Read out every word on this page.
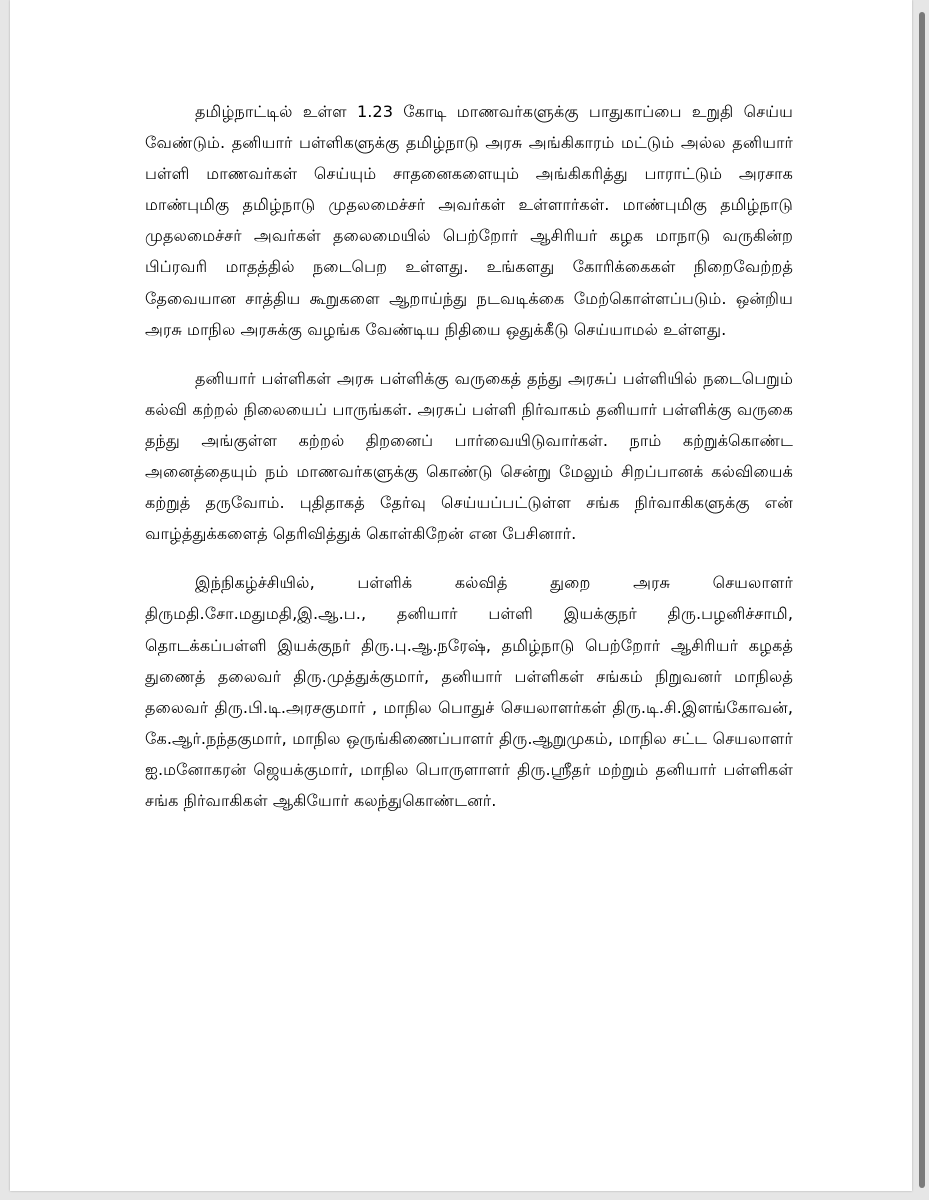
தமிழ்நாட்டில் உள்ள 1.23 கோடி மாணவர்களுக்கு பாதுகாப்பை உறுதி செய்ய வேண்டும். தனியார் பள்ளிகளுக்கு தமிழ்நாடு அரசு அங்கிகாரம் மட்டும் அல்ல தனியார் பள்ளி மாணவர்கள் செய்யும் சாதனைகளையும் அங்கிகரித்து பாராட்டும் அரசாக மாண்புமிகு தமிழ்நாடு முதலமைச்சர் அவர்கள் உள்ளார்கள். மாண்புமிகு தமிழ்நாடு முதலமைச்சர் அவர்கள் தலைமையில் பெற்றோர் ஆசிரியர் கழக மாநாடு வருகின்ற பிப்ரவரி மாதத்தில் நடைபெற உள்ளது. உங்களது கோரிக்கைகள் நிறைவேற்றத் தேவையான சாத்திய கூறுகளை ஆறாய்ந்து நடவடிக்கை மேற்கொள்ளப்படும். ஒன்றிய அரசு மாநில அரசுக்கு வழங்க வேண்டிய நிதியை ஒதுக்கீடு செய்யாமல் உள்ளது.

தனியார் பள்ளிகள் அரசு பள்ளிக்கு வருகைத் தந்து அரசுப் பள்ளியில் நடைபெறும் கல்வி கற்றல் நிலையைப் பாருங்கள். அரசுப் பள்ளி நிர்வாகம் தனியார் பள்ளிக்கு வருகை தந்து அங்குள்ள கற்றல் திறனைப் பார்வையிடுவார்கள். நாம் கற்றுக்கொண்ட அனைத்தையும் நம் மாணவர்களுக்கு கொண்டு சென்று மேலும் சிறப்பானக் கல்வியைக் கற்றுத் தருவோம். புதிதாகத் தேர்வு செய்யப்பட்டுள்ள சங்க நிர்வாகிகளுக்கு என் வாழ்த்துக்களைத் தெரிவித்துக் கொள்கிறேன் என பேசினார்.

இந்நிகழ்ச்சியில், பள்ளிக் கல்வித் துறை அரசு செயலாளர் திருமதி.சோ.மதுமதி,இ.ஆ.ப., தனியார் பள்ளி இயக்குநர் திரு.பழனிச்சாமி, தொடக்கப்பள்ளி இயக்குநர் திரு.பு.ஆ.நரேஷ், தமிழ்நாடு பெற்றோர் ஆசிரியர் கழகத் துணைத் தலைவர் திரு.முத்துக்குமார், தனியார் பள்ளிகள் சங்கம் நிறுவனர் மாநிலத் தலைவர் திரு.பி.டி.அரசகுமார் , மாநில பொதுச் செயலாளர்கள் திரு.டி.சி.இளங்கோவன், கே.ஆர்.நந்தகுமார், மாநில ஒருங்கிணைப்பாளர் திரு.ஆறுமுகம், மாநில சட்ட செயலாளர் ஐ.மனோகரன் ஜெயக்குமார், மாநில பொருளாளர் திரு.ஸ்ரீதர் மற்றும் தனியார் பள்ளிகள் சங்க நிர்வாகிகள் ஆகியோர் கலந்துகொண்டனர்.
